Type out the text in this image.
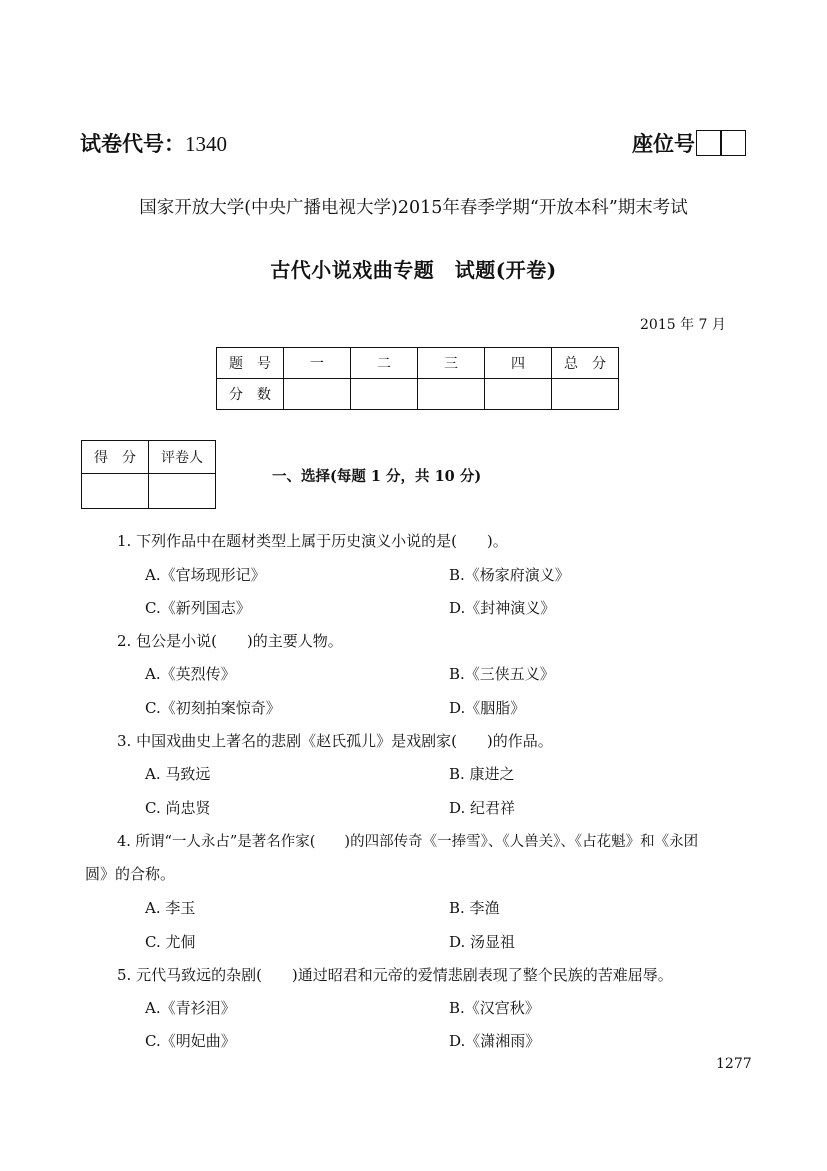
试卷代号：1340	座位号
国家开放大学(中央广播电视大学)2015年春季学期“开放本科”期末考试
古代小说戏曲专题　试题(开卷)
2015 年 7 月
题　号	一	二	三	四	总　分
分　数					
得　分	评卷人

一、选择(每题 1 分，共 10 分)
1. 下列作品中在题材类型上属于历史演义小说的是(　　)。
A.《官场现形记》	B.《杨家府演义》
C.《新列国志》	D.《封神演义》
2. 包公是小说(　　)的主要人物。
A.《英烈传》	B.《三侠五义》
C.《初刻拍案惊奇》	D.《胭脂》
3. 中国戏曲史上著名的悲剧《赵氏孤儿》是戏剧家(　　)的作品。
A. 马致远	B. 康进之
C. 尚忠贤	D. 纪君祥
4. 所谓“一人永占”是著名作家(　　)的四部传奇《一捧雪》、《人兽关》、《占花魁》和《永团
圆》的合称。
A. 李玉	B. 李渔
C. 尤侗	D. 汤显祖
5. 元代马致远的杂剧(　　)通过昭君和元帝的爱情悲剧表现了整个民族的苦难屈辱。
A.《青衫泪》	B.《汉宫秋》
C.《明妃曲》	D.《潇湘雨》
1277
